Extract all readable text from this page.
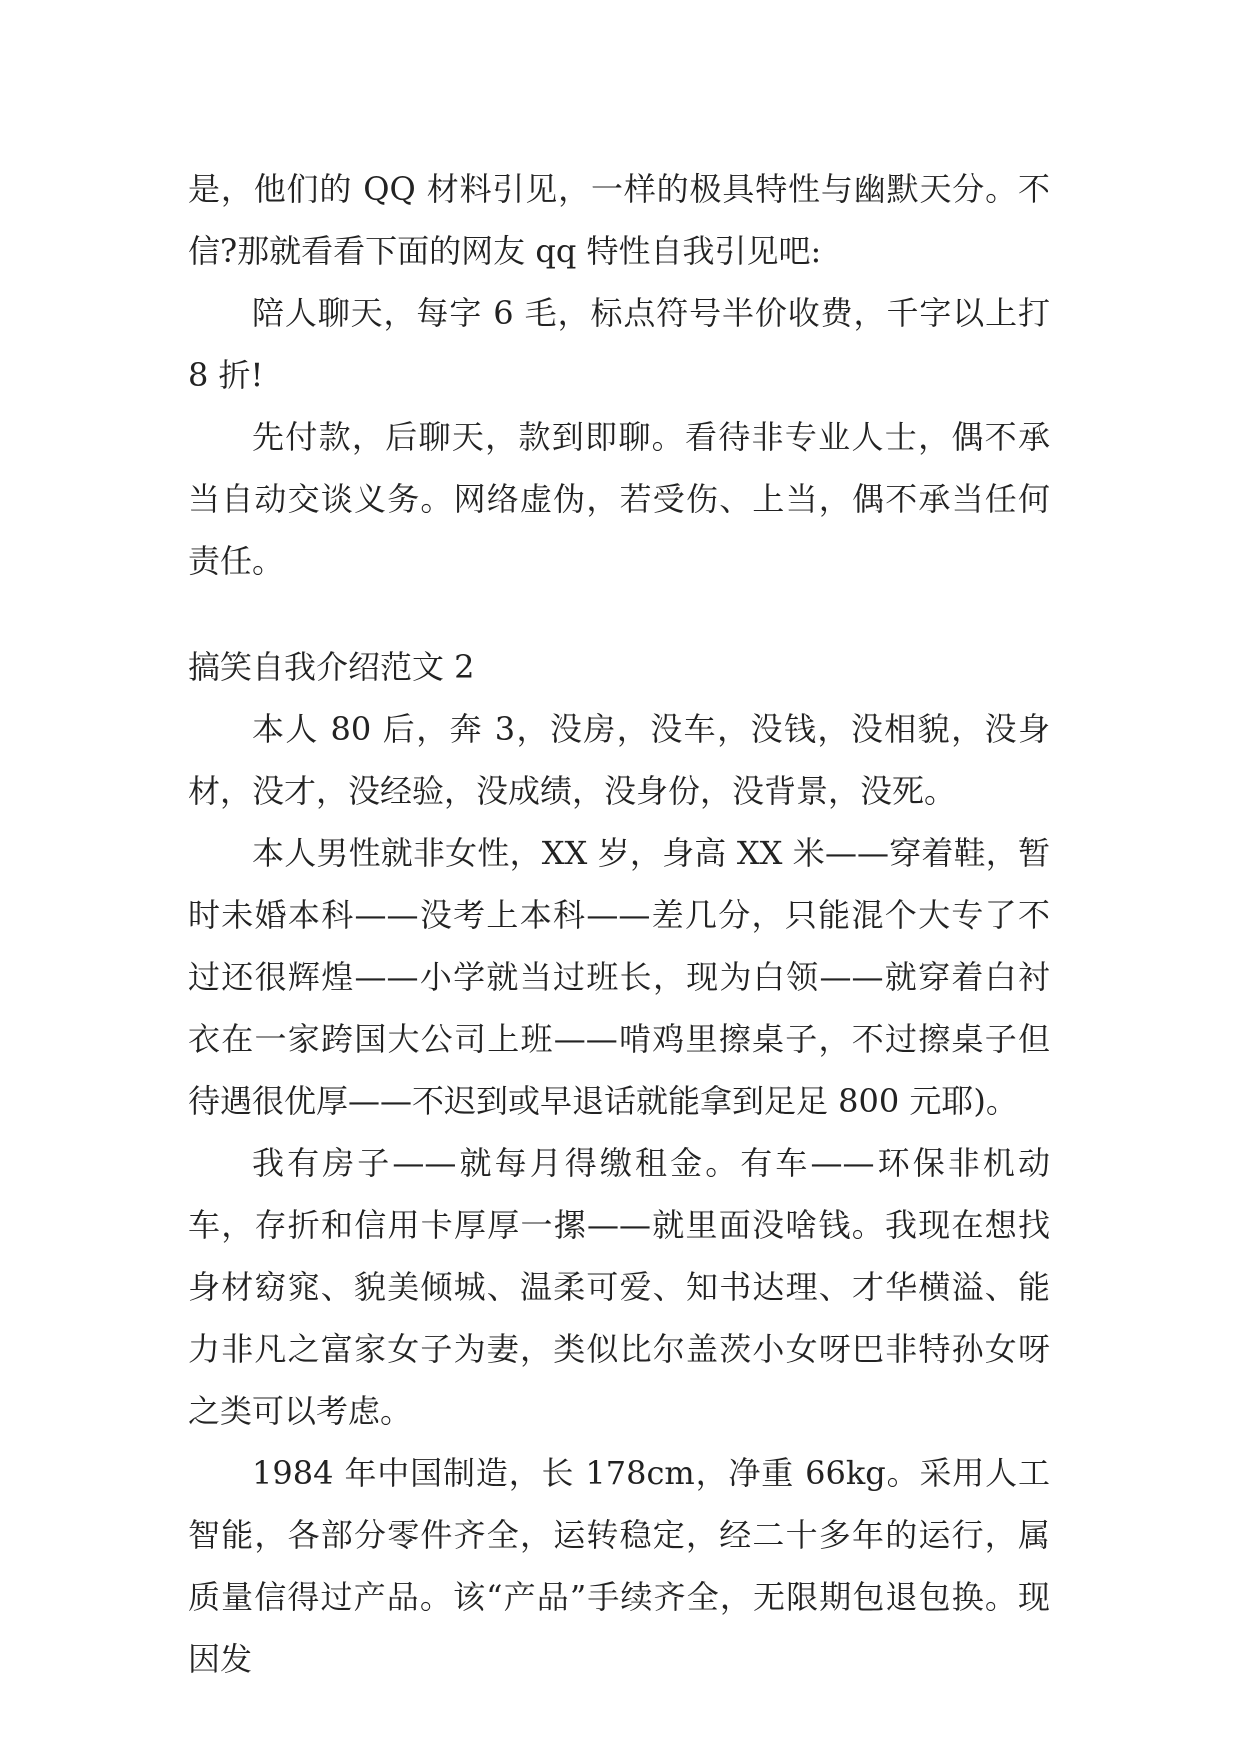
是，他们的 QQ 材料引见，一样的极具特性与幽默天分。不信?那就看看下面的网友 qq 特性自我引见吧:

陪人聊天，每字 6 毛，标点符号半价收费，千字以上打 8 折!

先付款，后聊天，款到即聊。看待非专业人士，偶不承当自动交谈义务。网络虚伪，若受伤、上当，偶不承当任何责任。

搞笑自我介绍范文 2

本人 80 后，奔 3，没房，没车，没钱，没相貌，没身材，没才，没经验，没成绩，没身份，没背景，没死。

本人男性就非女性，XX 岁，身高 XX 米——穿着鞋，暂时未婚本科——没考上本科——差几分，只能混个大专了不过还很辉煌——小学就当过班长，现为白领——就穿着白衬衣在一家跨国大公司上班——啃鸡里擦桌子，不过擦桌子但待遇很优厚——不迟到或早退话就能拿到足足 800 元耶)。

我有房子——就每月得缴租金。有车——环保非机动车，存折和信用卡厚厚一摞——就里面没啥钱。我现在想找身材窈窕、貌美倾城、温柔可爱、知书达理、才华横溢、能力非凡之富家女子为妻，类似比尔盖茨小女呀巴非特孙女呀之类可以考虑。

1984 年中国制造，长 178cm，净重 66kg。采用人工智能，各部分零件齐全，运转稳定，经二十多年的运行，属质量信得过产品。该“产品”手续齐全，无限期包退包换。现因发
